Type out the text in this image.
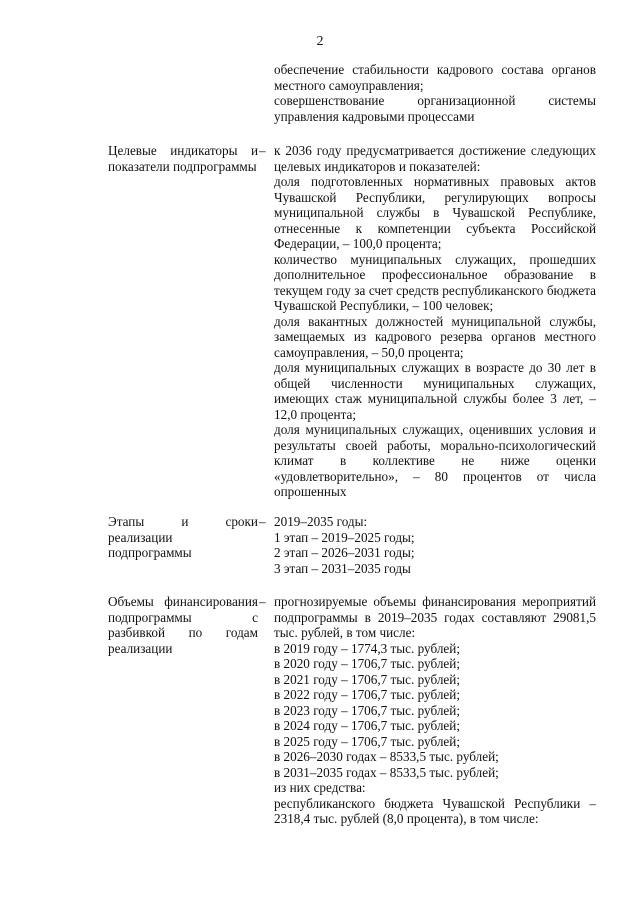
2

обеспечение стабильности кадрового состава органов местного самоуправления;

совершенствование организационной системы управления кадровыми процессами

Целевые индикаторы и показатели подпрограммы

– к 2036 году предусматривается достижение следующих целевых индикаторов и показателей:

доля подготовленных нормативных правовых актов Чувашской Республики, регулирующих вопросы муниципальной службы в Чувашской Республике, отнесенные к компетенции субъекта Российской Федерации, – 100,0 процента;

количество муниципальных служащих, прошедших дополнительное профессиональное образование в текущем году за счет средств республиканского бюджета Чувашской Республики, – 100 человек;

доля вакантных должностей муниципальной службы, замещаемых из кадрового резерва органов местного самоуправления, – 50,0 процента;

доля муниципальных служащих в возрасте до 30 лет в общей численности муниципальных служащих, имеющих стаж муниципальной службы более 3 лет, – 12,0 процента;

доля муниципальных служащих, оценивших условия и результаты своей работы, морально-психологический климат в коллективе не ниже оценки «удовлетворительно», – 80 процентов от числа опрошенных

Этапы и сроки реализации подпрограммы

– 2019–2035 годы:

1 этап – 2019–2025 годы;

2 этап – 2026–2031 годы;

3 этап – 2031–2035 годы

Объемы финансирования подпрограммы с разбивкой по годам реализации

– прогнозируемые объемы финансирования мероприятий подпрограммы в 2019–2035 годах составляют 29081,5 тыс. рублей, в том числе:

в 2019 году – 1774,3 тыс. рублей;

в 2020 году – 1706,7 тыс. рублей;

в 2021 году – 1706,7 тыс. рублей;

в 2022 году – 1706,7 тыс. рублей;

в 2023 году – 1706,7 тыс. рублей;

в 2024 году – 1706,7 тыс. рублей;

в 2025 году – 1706,7 тыс. рублей;

в 2026–2030 годах – 8533,5 тыс. рублей;

в 2031–2035 годах – 8533,5 тыс. рублей;

из них средства:

республиканского бюджета Чувашской Республики – 2318,4 тыс. рублей (8,0 процента), в том числе:
